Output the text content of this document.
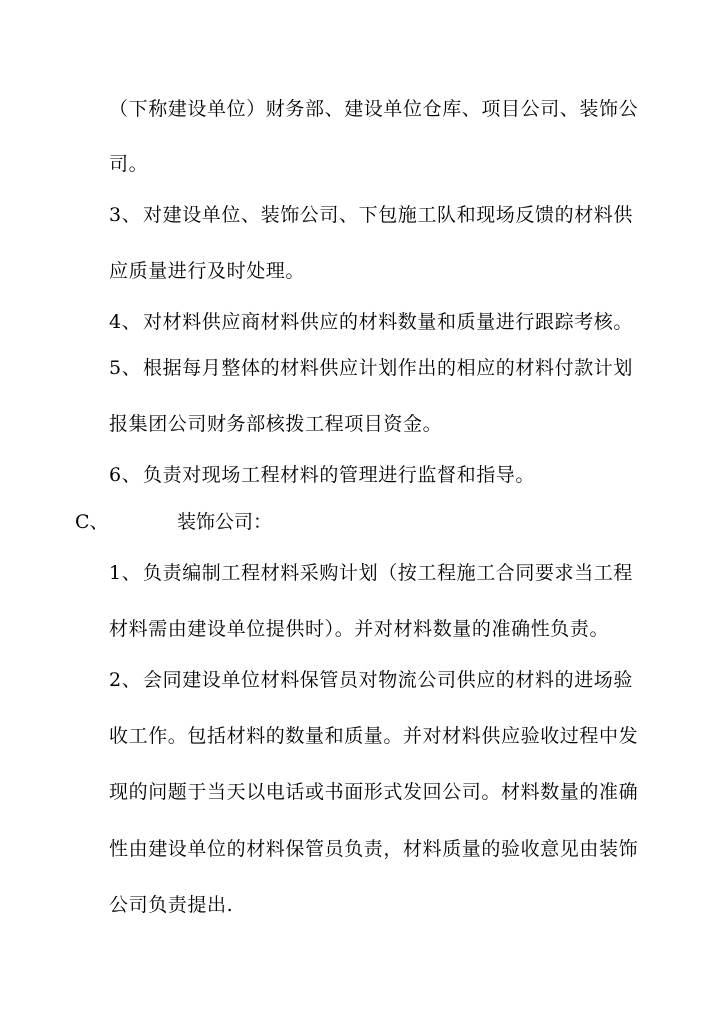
（下称建设单位）财务部、建设单位仓库、项目公司、装饰公
司。
3、对建设单位、装饰公司、下包施工队和现场反馈的材料供
应质量进行及时处理。
4、对材料供应商材料供应的材料数量和质量进行跟踪考核。
5、根据每月整体的材料供应计划作出的相应的材料付款计划
报集团公司财务部核拨工程项目资金。
6、负责对现场工程材料的管理进行监督和指导。
C、	装饰公司：
1、负责编制工程材料采购计划（按工程施工合同要求当工程
材料需由建设单位提供时）。并对材料数量的准确性负责。
2、会同建设单位材料保管员对物流公司供应的材料的进场验
收工作。包括材料的数量和质量。并对材料供应验收过程中发
现的问题于当天以电话或书面形式发回公司。材料数量的准确
性由建设单位的材料保管员负责，材料质量的验收意见由装饰
公司负责提出.
